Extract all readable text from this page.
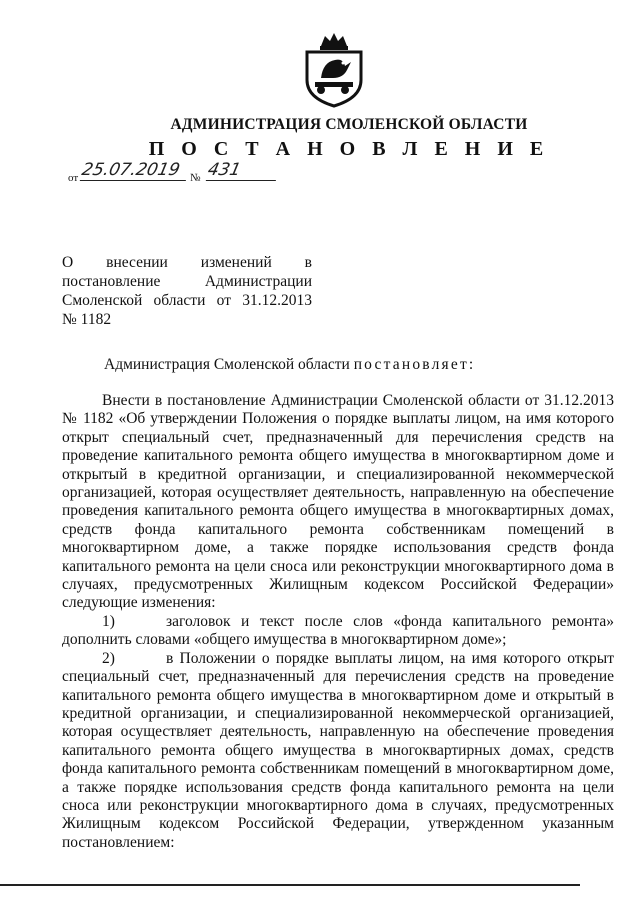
АДМИНИСТРАЦИЯ СМОЛЕНСКОЙ ОБЛАСТИ
П О С Т А Н О В Л Е Н И Е
от 25.07.2019 № 431
О внесении изменений в
постановление Администрации
Смоленской области от 31.12.2013
№ 1182
Администрация Смоленской области постановляет:

Внести в постановление Администрации Смоленской области от 31.12.2013 № 1182 «Об утверждении Положения о порядке выплаты лицом, на имя которого открыт специальный счет, предназначенный для перечисления средств на проведение капитального ремонта общего имущества в многоквартирном доме и открытый в кредитной организации, и специализированной некоммерческой организацией, которая осуществляет деятельность, направленную на обеспечение проведения капитального ремонта общего имущества в многоквартирных домах, средств фонда капитального ремонта собственникам помещений в многоквартирном доме, а также порядке использования средств фонда капитального ремонта на цели сноса или реконструкции многоквартирного дома в случаях, предусмотренных Жилищным кодексом Российской Федерации» следующие изменения:

1)	заголовок и текст после слов «фонда капитального ремонта» дополнить словами «общего имущества в многоквартирном доме»;

2)	в Положении о порядке выплаты лицом, на имя которого открыт специальный счет, предназначенный для перечисления средств на проведение капитального ремонта общего имущества в многоквартирном доме и открытый в кредитной организации, и специализированной некоммерческой организацией, которая осуществляет деятельность, направленную на обеспечение проведения капитального ремонта общего имущества в многоквартирных домах, средств фонда капитального ремонта собственникам помещений в многоквартирном доме, а также порядке использования средств фонда капитального ремонта на цели сноса или реконструкции многоквартирного дома в случаях, предусмотренных Жилищным кодексом Российской Федерации, утвержденном указанным постановлением:
